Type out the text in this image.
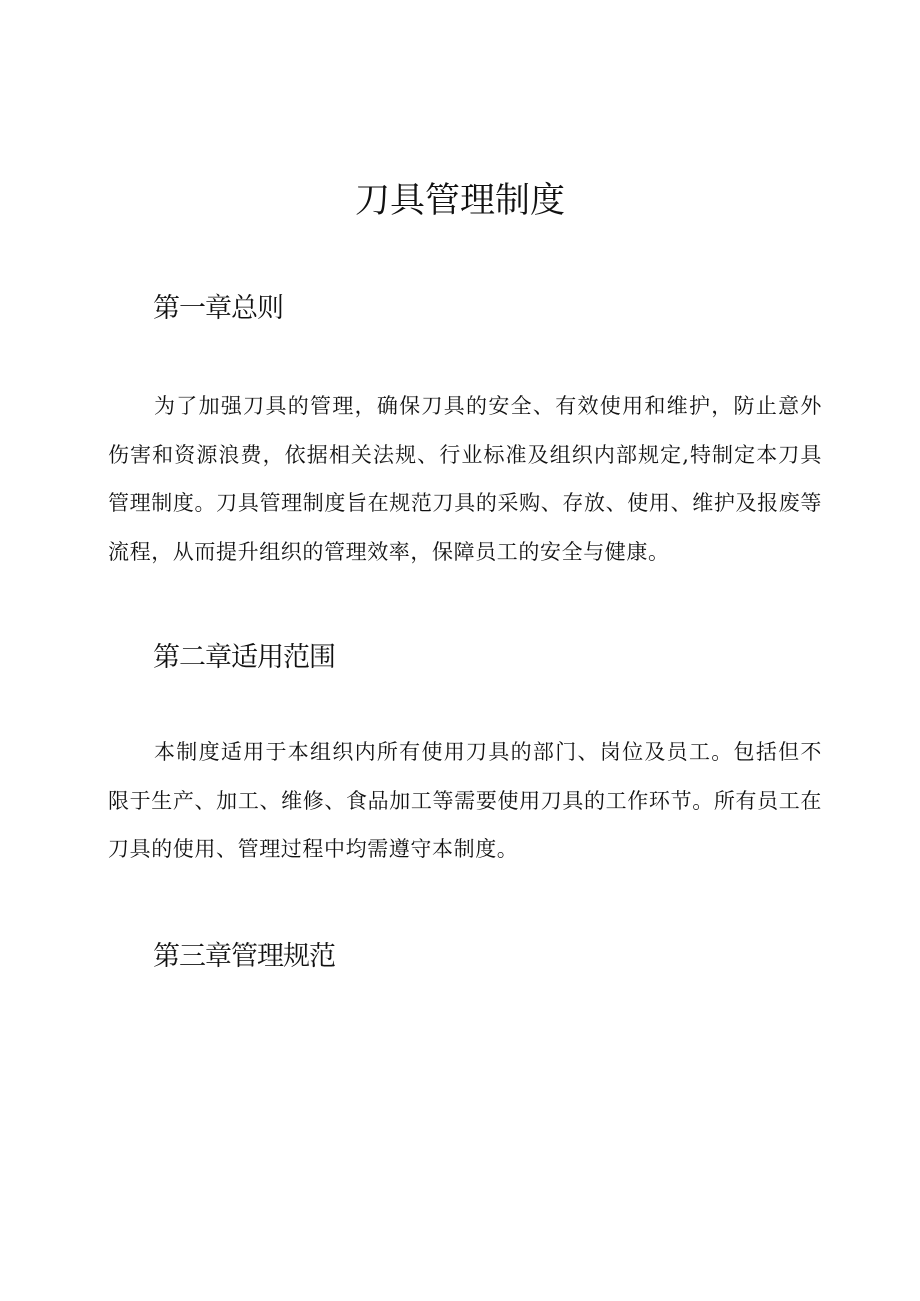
刀具管理制度
第一章总则

为了加强刀具的管理，确保刀具的安全、有效使用和维护，防止意外伤害和资源浪费，依据相关法规、行业标准及组织内部规定,特制定本刀具管理制度。刀具管理制度旨在规范刀具的采购、存放、使用、维护及报废等流程，从而提升组织的管理效率，保障员工的安全与健康。

第二章适用范围

本制度适用于本组织内所有使用刀具的部门、岗位及员工。包括但不限于生产、加工、维修、食品加工等需要使用刀具的工作环节。所有员工在刀具的使用、管理过程中均需遵守本制度。

第三章管理规范
